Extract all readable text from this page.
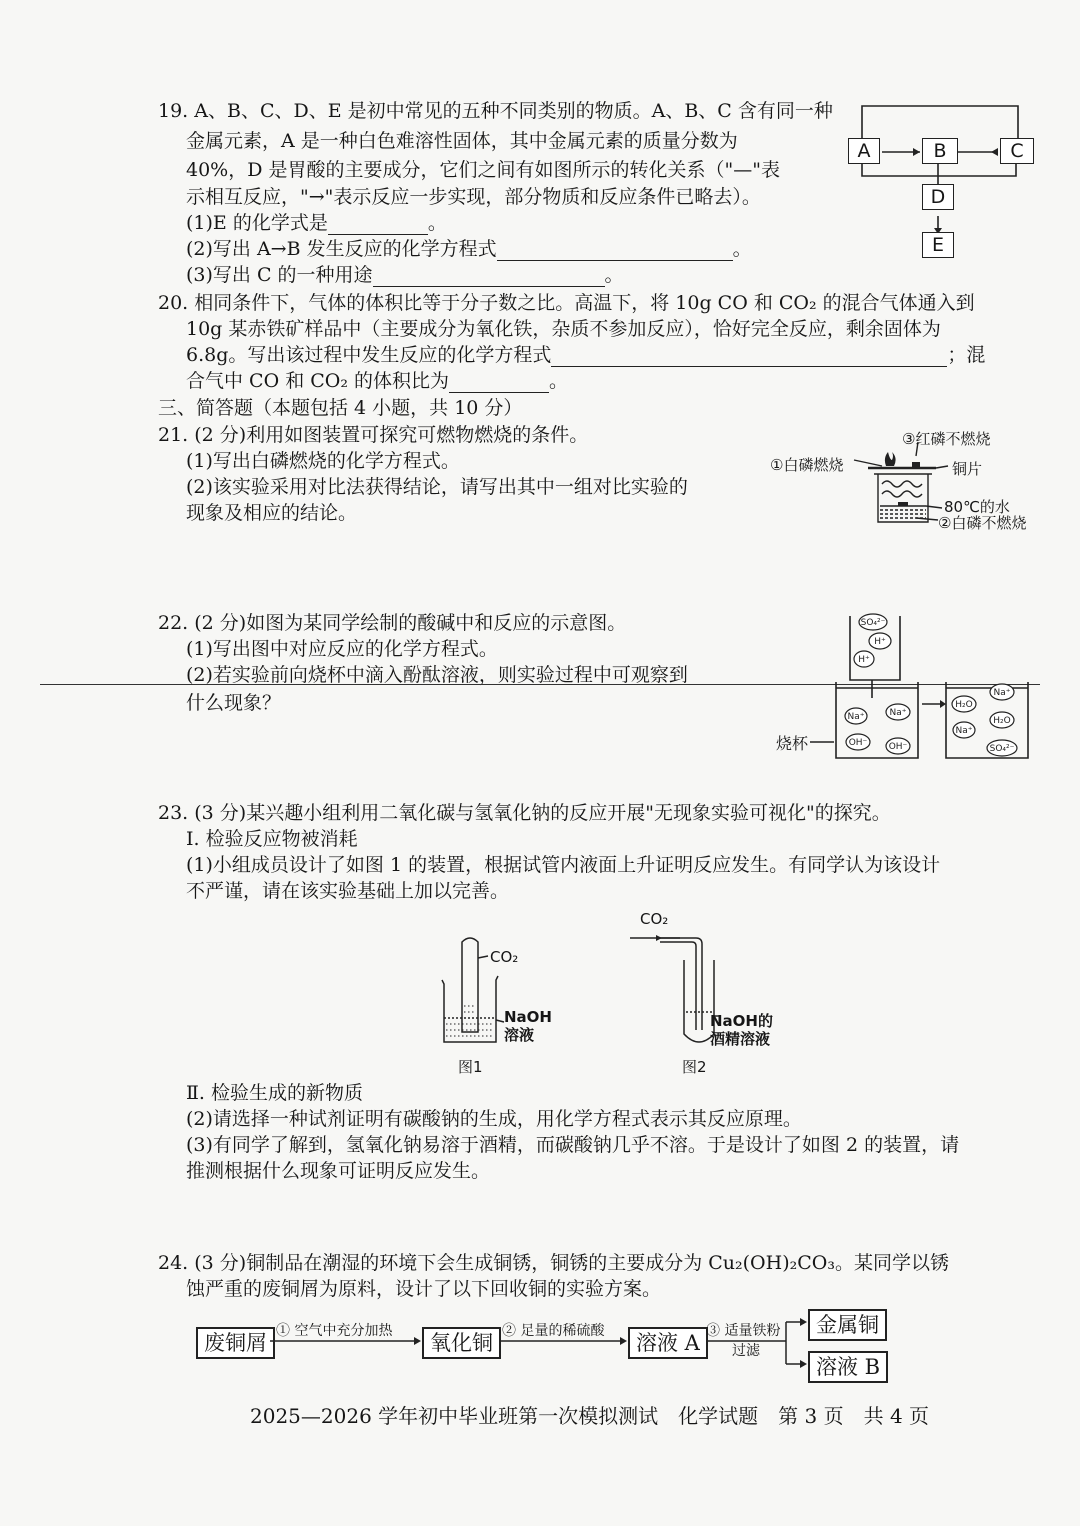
19. A、B、C、D、E 是初中常见的五种不同类别的物质。A、B、C 含有同一种
金属元素，A 是一种白色难溶性固体，其中金属元素的质量分数为
40%，D 是胃酸的主要成分，它们之间有如图所示的转化关系（"—"表
示相互反应，"→"表示反应一步实现，部分物质和反应条件已略去）。
(1)E 的化学式是	。
(2)写出 A→B 发生反应的化学方程式	。
(3)写出 C 的一种用途	。
A	B	C
D
E
20. 相同条件下，气体的体积比等于分子数之比。高温下，将 10g CO 和 CO₂ 的混合气体通入到
10g 某赤铁矿样品中（主要成分为氧化铁，杂质不参加反应），恰好完全反应，剩余固体为
6.8g。写出该过程中发生反应的化学方程式	；混
合气中 CO 和 CO₂ 的体积比为	。
三、简答题（本题包括 4 小题，共 10 分）
21. (2 分)利用如图装置可探究可燃物燃烧的条件。
(1)写出白磷燃烧的化学方程式。
(2)该实验采用对比法获得结论，请写出其中一组对比实验的
现象及相应的结论。
③红磷不燃烧
①白磷燃烧	铜片
80℃的水
②白磷不燃烧
22. (2 分)如图为某同学绘制的酸碱中和反应的示意图。
(1)写出图中对应反应的化学方程式。
(2)若实验前向烧杯中滴入酚酞溶液，则实验过程中可观察到
什么现象？
SO₄²⁻
H⁺
H⁺
Na⁺	Na⁺
OH⁻ OH⁻
H₂O
Na⁺
H₂O
Na⁺
SO₄²⁻
烧杯
23. (3 分)某兴趣小组利用二氧化碳与氢氧化钠的反应开展"无现象实验可视化"的探究。
Ⅰ. 检验反应物被消耗
(1)小组成员设计了如图 1 的装置，根据试管内液面上升证明反应发生。有同学认为该设计
不严谨，请在该实验基础上加以完善。
CO₂
NaOH
溶液
图1
CO₂
NaOH的
酒精溶液
图2
Ⅱ. 检验生成的新物质
(2)请选择一种试剂证明有碳酸钠的生成，用化学方程式表示其反应原理。
(3)有同学了解到，氢氧化钠易溶于酒精，而碳酸钠几乎不溶。于是设计了如图 2 的装置，请
推测根据什么现象可证明反应发生。
24. (3 分)铜制品在潮湿的环境下会生成铜锈，铜锈的主要成分为 Cu₂(OH)₂CO₃。某同学以锈
蚀严重的废铜屑为原料，设计了以下回收铜的实验方案。
废铜屑 ① 空气中充分加热	氧化铜 ② 足量的稀硫酸	溶液 A ③ 适量铁粉
过滤
金属铜
溶液 B
2025—2026 学年初中毕业班第一次模拟测试　化学试题　第 3 页　共 4 页
